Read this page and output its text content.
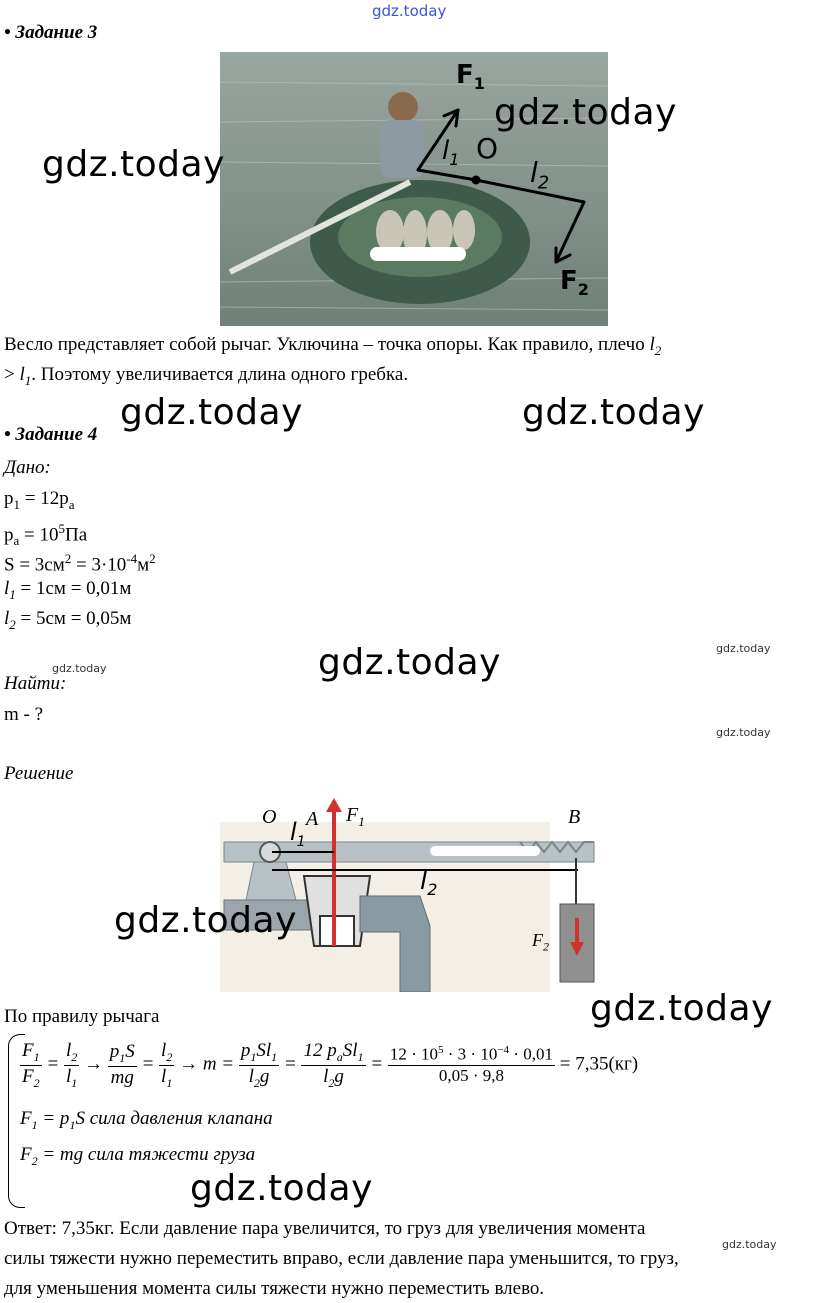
gdz.today
• Задание 3
$F_1$
$l_1$ O
$l_2$
$F_2$
gdz.today
gdz.today
Весло представляет собой рычаг. Уключина – точка опоры. Как правило, плечо $l_2$
> $l_1$. Поэтому увеличивается длина одного гребка.
gdz.today	gdz.today
• Задание 4
Дано:
$p_1 = 12p_a$
$p_a = 10^5Па$
$S = 3см^2 = 3\cdot 10^{-4}м^2$
$l_1 = 1см = 0,01м$
$l_2 = 5см = 0,05м$
gdz.today	gdz.today	gdz.today
Найти:
m - ?
gdz.today
Решение
O A $F_1$	B
$l_1$
$l_2$
$F_2$
gdz.today
gdz.today
По правилу рычага
$\frac{F_1}{F_2} = \frac{l_2}{l_1} \to \frac{p_1S}{mg} = \frac{l_2}{l_1} \to m = \frac{p_1Sl_1}{l_2g} = \frac{12 p_aSl_1}{l_2g} = \frac{12 \cdot 10^5 \cdot 3 \cdot 10^{-4} \cdot 0,01}{0,05 \cdot 9,8} = 7,35(кг)$
$F_1 = p_1S$ сила давления клапана
$F_2$ = mg сила тяжести груза
gdz.today
Ответ: 7,35кг. Если давление пара увеличится, то груз для увеличения момента
gdz.today
силы тяжести нужно переместить вправо, если давление пара уменьшится, то груз,
для уменьшения момента силы тяжести нужно переместить влево.
